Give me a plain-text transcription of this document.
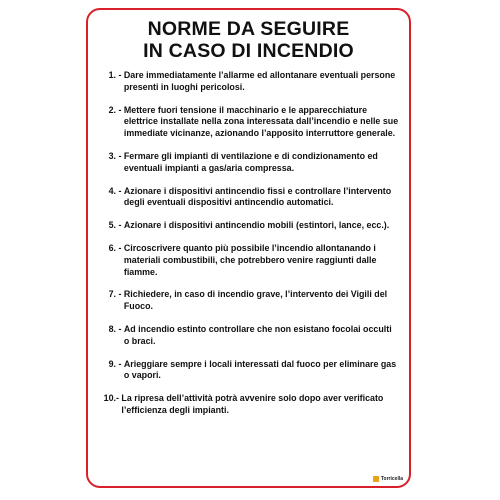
NORME DA SEGUIRE
IN CASO DI INCENDIO
1. - Dare immediatamente l’allarme ed allontanare eventuali persone presenti in luoghi pericolosi.
2. - Mettere fuori tensione il macchinario e le apparecchiature elettrice installate nella zona interessata dall’incendio e nelle sue immediate vicinanze, azionando l’apposito interruttore generale.
3. - Fermare gli impianti di ventilazione e di condizionamento ed eventuali impianti a gas/aria compressa.
4. - Azionare i dispositivi antincendio fissi e controllare l’intervento degli eventuali dispositivi antincendio automatici.
5. - Azionare i dispositivi antincendio mobili (estintori, lance, ecc.).
6. - Circoscrivere quanto più possibile l’incendio allontanando i materiali combustibili, che potrebbero venire raggiunti dalle fiamme.
7. - Richiedere, in caso di incendio grave, l’intervento dei Vigili del Fuoco.
8. - Ad incendio estinto controllare che non esistano focolai occulti o braci.
9. - Arieggiare sempre i locali interessati dal fuoco per eliminare gas o vapori.
10. - La ripresa dell’attività potrà avvenire solo dopo aver verificato l’efficienza degli impianti.
Torricella
